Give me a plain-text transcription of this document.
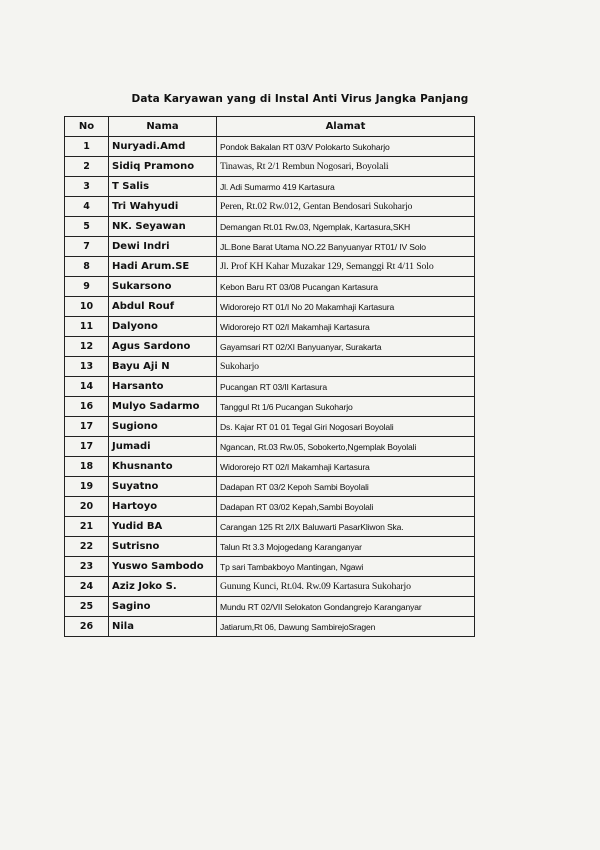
Data Karyawan yang di Instal Anti Virus Jangka Panjang
No	Nama	Alamat
1	Nuryadi.Amd	Pondok Bakalan RT 03/V Polokarto Sukoharjo
2	Sidiq Pramono	Tinawas, Rt 2/1 Rembun Nogosari, Boyolali
3	T Salis	Jl. Adi Sumarmo 419 Kartasura
4	Tri Wahyudi	Peren, Rt.02 Rw.012, Gentan Bendosari Sukoharjo
5	NK. Seyawan	Demangan Rt.01 Rw.03, Ngemplak, Kartasura,SKH
7	Dewi Indri	JL.Bone Barat Utama NO.22 Banyuanyar RT01/ IV Solo
8	Hadi Arum.SE	Jl. Prof KH Kahar Muzakar 129, Semanggi Rt 4/11 Solo
9	Sukarsono	Kebon Baru RT 03/08 Pucangan Kartasura
10	Abdul Rouf	Widororejo RT 01/I No 20 Makamhaji Kartasura
11	Dalyono	Widororejo RT 02/I Makamhaji Kartasura
12	Agus Sardono	Gayamsari RT 02/XI Banyuanyar, Surakarta
13	Bayu Aji N	Sukoharjo
14	Harsanto	Pucangan RT 03/II Kartasura
16	Mulyo Sadarmo	Tanggul Rt 1/6 Pucangan Sukoharjo
17	Sugiono	Ds. Kajar RT 01 01 Tegal Giri Nogosari Boyolali
17	Jumadi	Ngancan, Rt.03 Rw.05, Sobokerto,Ngemplak Boyolali
18	Khusnanto	Widororejo RT 02/I Makamhaji Kartasura
19	Suyatno	Dadapan RT 03/2 Kepoh Sambi Boyolali
20	Hartoyo	Dadapan RT 03/02 Kepah,Sambi Boyolali
21	Yudid BA	Carangan 125 Rt 2/IX Baluwarti PasarKliwon Ska.
22	Sutrisno	Talun Rt 3.3 Mojogedang Karanganyar
23	Yuswo Sambodo	Tp sari Tambakboyo Mantingan, Ngawi
24	Aziz Joko S.	Gunung Kunci, Rt.04. Rw.09 Kartasura Sukoharjo
25	Sagino	Mundu RT 02/VII Selokaton Gondangrejo Karanganyar
26	Nila	Jatiarum,Rt 06, Dawung SambirejoSragen
